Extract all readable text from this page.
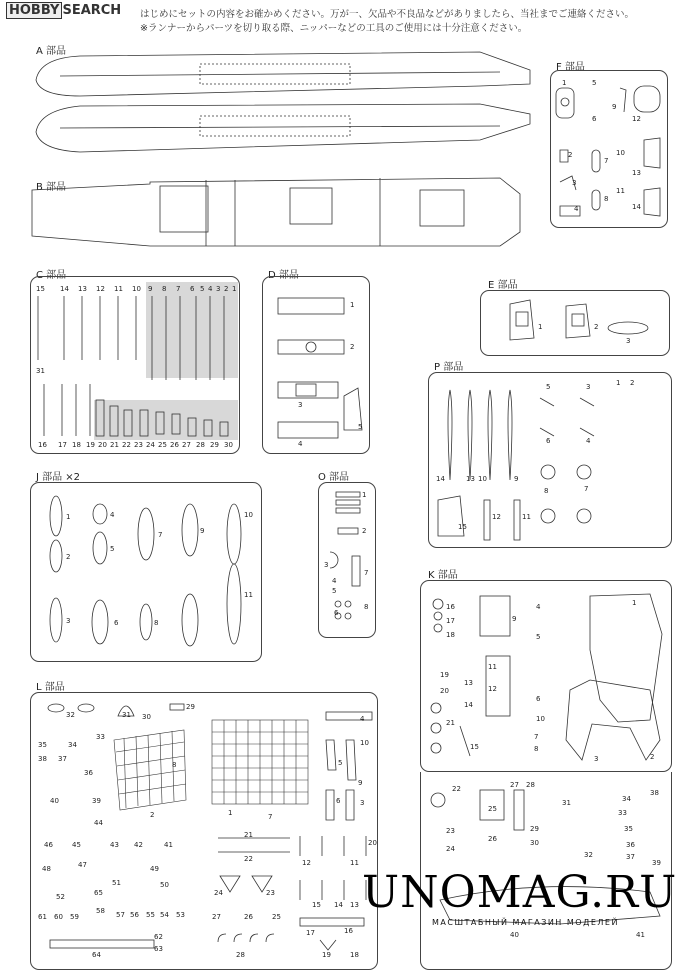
HOBBY SEARCH はじめにセットの内容をお確かめください。万が一、欠品や不良品などがありましたら、当社までご連絡ください。
※ランナーからパーツを切り取る際、ニッパーなどの工具のご使用には十分注意ください。
A 部品
B 部品
C 部品	D 部品
E 部品
F 部品
J 部品 ×2	O 部品
P 部品
K 部品
L 部品
15 14 13 12 11 10 9 8 7 6 5 4 3 2 1
31
16 17 18 19 20 21 22 23 24 25 26 27 28 29 30
1
2
3
4
5
1	2
3
1
2
3
4
5
6
7
8
9
10
11
12
13
14
1
2
3
4
5
6
7
8
9
10
11
1
2
3
4
5
6
7
8
1 2
3
4
5
6
7
8
9
10
11
12
13
14
15
1
2
3
4
5
6
7
8
9
10
11
12
13
14
15
16
17
18
19
20
21
22
23
24
25
26
27 28
29
30
31
32
33
34
35
36
37
38
39
40	41
1
2
3
4
5
6
7
8
9
10
11
12
13
14
15
16
17
18
19
20
21
22
23
24
25
26
27
28
29
30
31
32
33
34
35
36
37
38
39
40
41
42
43
44
45
46
47
48	49
50
51
52
53
54
55
56
57
58
59
60
61
62
63
64
65	UNOMAG.RU
МАСШТАБНЫЙ МАГАЗИН МОДЕЛЕЙ
